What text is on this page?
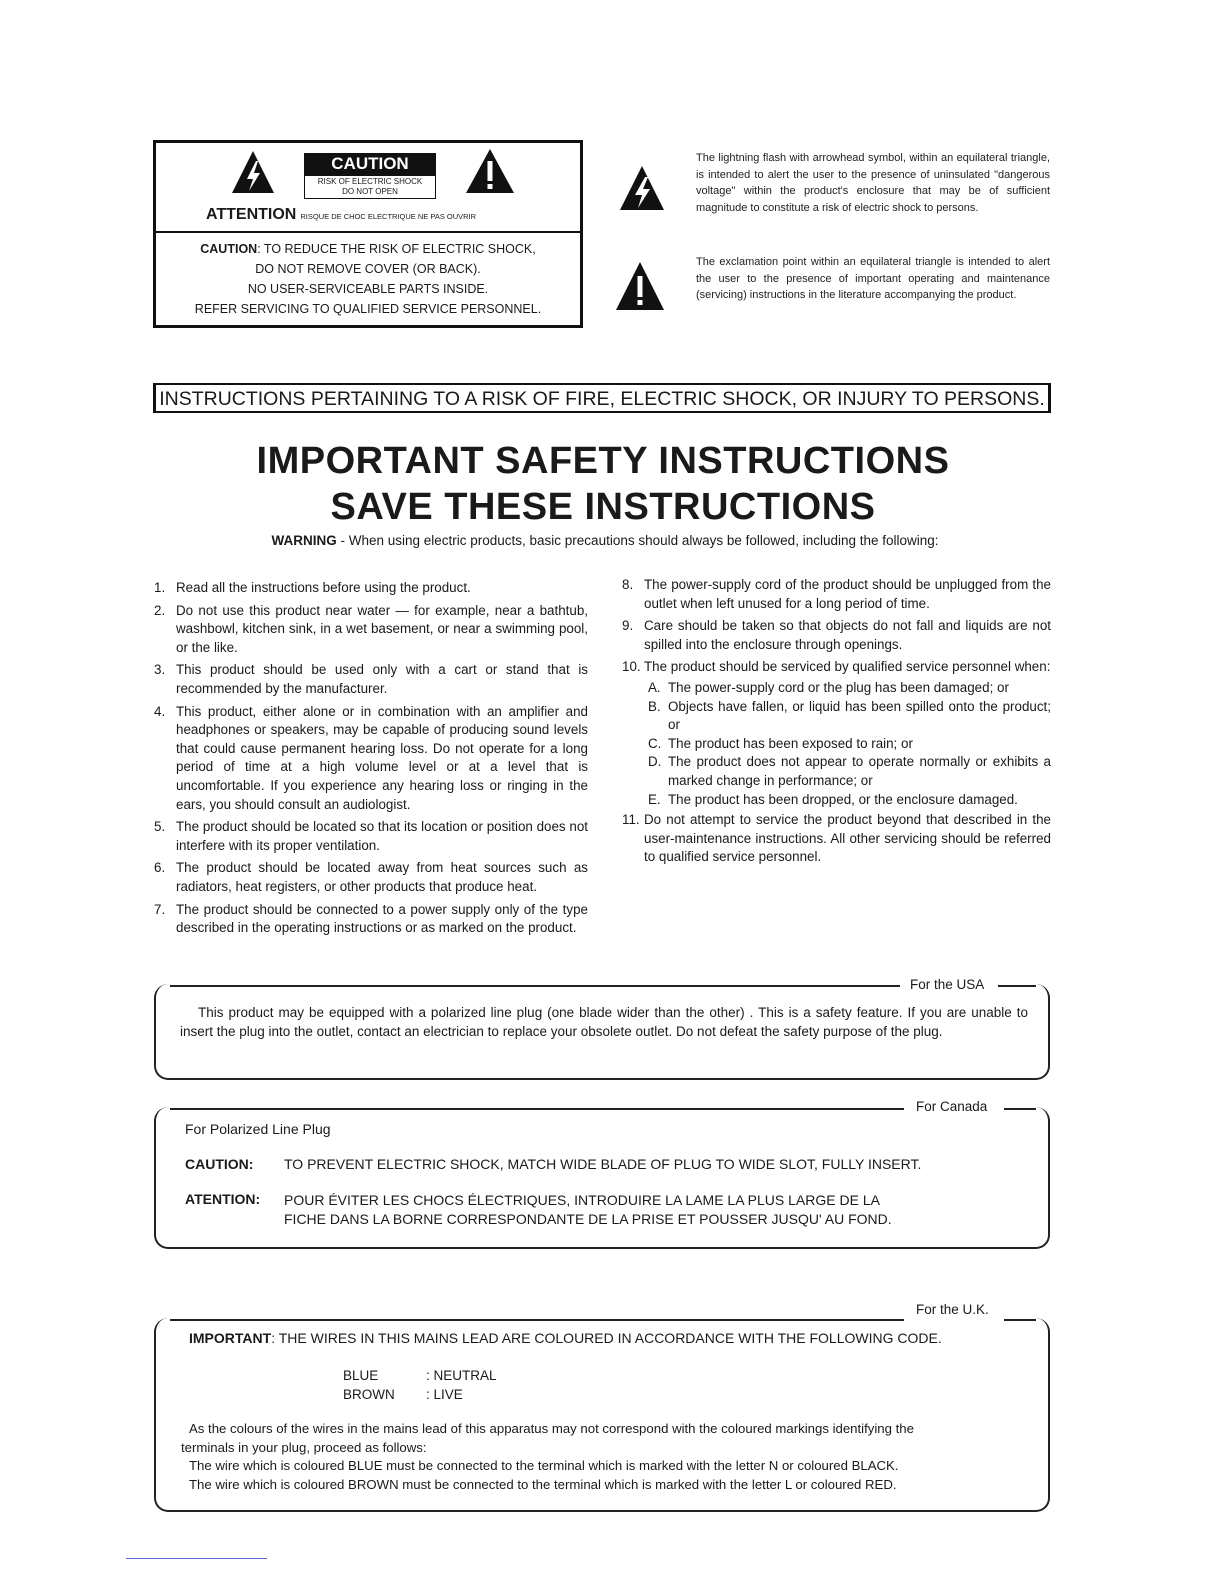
CAUTION
RISK OF ELECTRIC SHOCK
DO NOT OPEN
ATTENTION RISQUE DE CHOC ELECTRIQUE NE PAS OUVRIR
CAUTION: TO REDUCE THE RISK OF ELECTRIC SHOCK,
DO NOT REMOVE COVER (OR BACK).
NO USER-SERVICEABLE PARTS INSIDE.
REFER SERVICING TO QUALIFIED SERVICE PERSONNEL.
The lightning flash with arrowhead symbol, within an equilateral triangle, is intended to alert the user to the presence of uninsulated "dangerous voltage" within the product's enclosure that may be of sufficient magnitude to constitute a risk of electric shock to persons.
The exclamation point within an equilateral triangle is intended to alert the user to the presence of important operating and maintenance (servicing) instructions in the literature accompanying the product.
INSTRUCTIONS PERTAINING TO A RISK OF FIRE, ELECTRIC SHOCK, OR INJURY TO PERSONS.
IMPORTANT SAFETY INSTRUCTIONS
SAVE THESE INSTRUCTIONS
WARNING - When using electric products, basic precautions should always be followed, including the following:
1. Read all the instructions before using the product.
2. Do not use this product near water — for example, near a bathtub, washbowl, kitchen sink, in a wet basement, or near a swimming pool, or the like.
3. This product should be used only with a cart or stand that is recommended by the manufacturer.
4. This product, either alone or in combination with an amplifier and headphones or speakers, may be capable of producing sound levels that could cause permanent hearing loss. Do not operate for a long period of time at a high volume level or at a level that is uncomfortable. If you experience any hearing loss or ringing in the ears, you should consult an audiologist.
5. The product should be located so that its location or position does not interfere with its proper ventilation.
6. The product should be located away from heat sources such as radiators, heat registers, or other products that produce heat.
7. The product should be connected to a power supply only of the type described in the operating instructions or as marked on the product.
8. The power-supply cord of the product should be unplugged from the outlet when left unused for a long period of time.
9. Care should be taken so that objects do not fall and liquids are not spilled into the enclosure through openings.
10. The product should be serviced by qualified service personnel when:
A. The power-supply cord or the plug has been damaged; or
B. Objects have fallen, or liquid has been spilled onto the product; or
C. The product has been exposed to rain; or
D. The product does not appear to operate normally or exhibits a marked change in performance; or
E. The product has been dropped, or the enclosure damaged.
11. Do not attempt to service the product beyond that described in the user-maintenance instructions. All other servicing should be referred to qualified service personnel.
For the USA
This product may be equipped with a polarized line plug (one blade wider than the other) . This is a safety feature. If you are unable to insert the plug into the outlet, contact an electrician to replace your obsolete outlet. Do not defeat the safety purpose of the plug.
For Canada
For Polarized Line Plug
CAUTION: TO PREVENT ELECTRIC SHOCK, MATCH WIDE BLADE OF PLUG TO WIDE SLOT, FULLY INSERT.
ATENTION: POUR ÉVITER LES CHOCS ÉLECTRIQUES, INTRODUIRE LA LAME LA PLUS LARGE DE LA
FICHE DANS LA BORNE CORRESPONDANTE DE LA PRISE ET POUSSER JUSQU' AU FOND.
For the U.K.
IMPORTANT: THE WIRES IN THIS MAINS LEAD ARE COLOURED IN ACCORDANCE WITH THE FOLLOWING CODE.
BLUE	: NEUTRAL
BROWN : LIVE
As the colours of the wires in the mains lead of this apparatus may not correspond with the coloured markings identifying the
terminals in your plug, proceed as follows:
The wire which is coloured BLUE must be connected to the terminal which is marked with the letter N or coloured BLACK.
The wire which is coloured BROWN must be connected to the terminal which is marked with the letter L or coloured RED.
